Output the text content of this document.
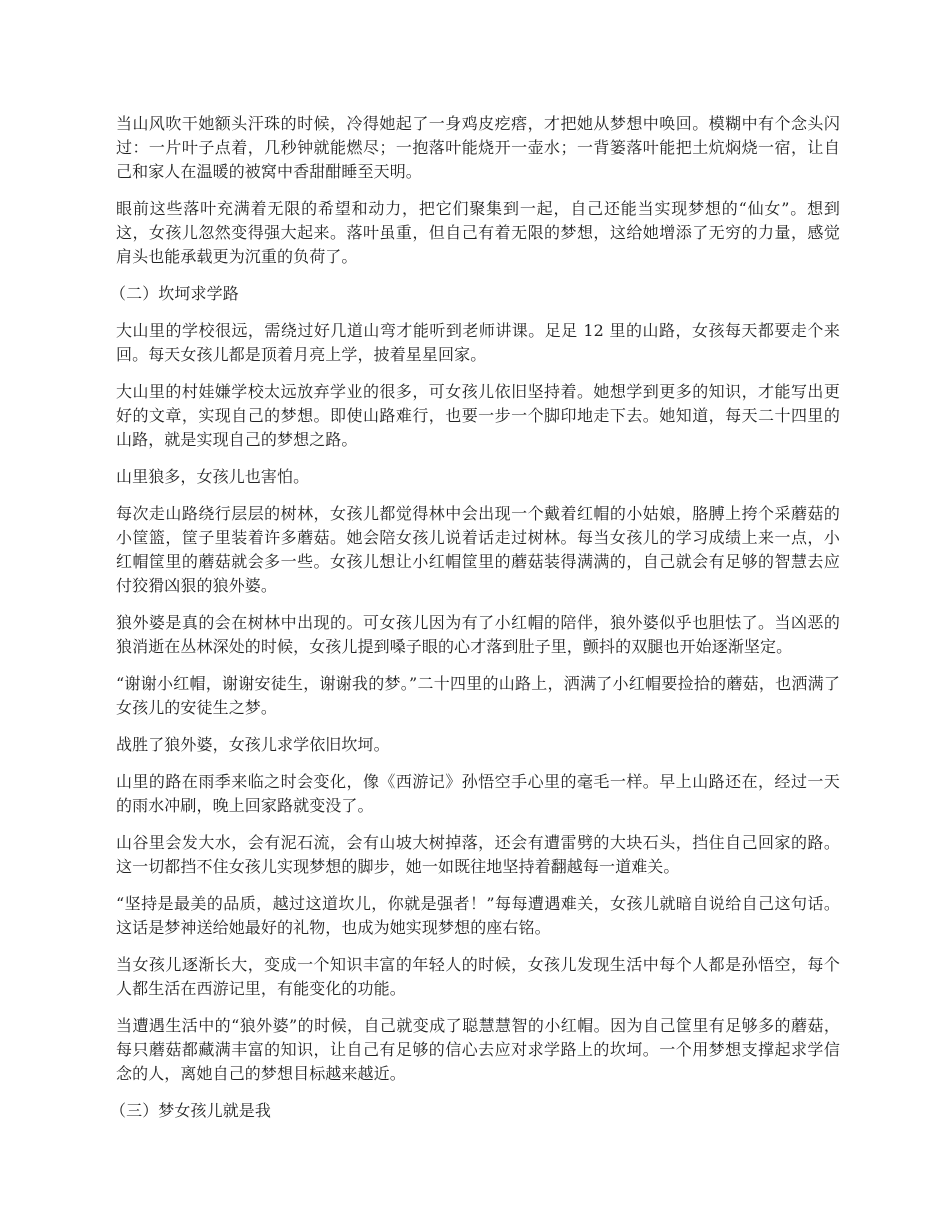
当山风吹干她额头汗珠的时候，冷得她起了一身鸡皮疙瘩，才把她从梦想中唤回。模糊中有个念头闪过：一片叶子点着，几秒钟就能燃尽；一抱落叶能烧开一壶水；一背篓落叶能把土炕焖烧一宿，让自己和家人在温暖的被窝中香甜酣睡至天明。

眼前这些落叶充满着无限的希望和动力，把它们聚集到一起，自己还能当实现梦想的“仙女”。想到这，女孩儿忽然变得强大起来。落叶虽重，但自己有着无限的梦想，这给她增添了无穷的力量，感觉肩头也能承载更为沉重的负荷了。

（二）坎坷求学路

大山里的学校很远，需绕过好几道山弯才能听到老师讲课。足足 12 里的山路，女孩每天都要走个来回。每天女孩儿都是顶着月亮上学，披着星星回家。

大山里的村娃嫌学校太远放弃学业的很多，可女孩儿依旧坚持着。她想学到更多的知识，才能写出更好的文章，实现自己的梦想。即使山路难行，也要一步一个脚印地走下去。她知道，每天二十四里的山路，就是实现自己的梦想之路。

山里狼多，女孩儿也害怕。

每次走山路绕行层层的树林，女孩儿都觉得林中会出现一个戴着红帽的小姑娘，胳膊上挎个采蘑菇的小筐篮，筐子里装着许多蘑菇。她会陪女孩儿说着话走过树林。每当女孩儿的学习成绩上来一点，小红帽筐里的蘑菇就会多一些。女孩儿想让小红帽筐里的蘑菇装得满满的，自己就会有足够的智慧去应付狡猾凶狠的狼外婆。

狼外婆是真的会在树林中出现的。可女孩儿因为有了小红帽的陪伴，狼外婆似乎也胆怯了。当凶恶的狼消逝在丛林深处的时候，女孩儿提到嗓子眼的心才落到肚子里，颤抖的双腿也开始逐渐坚定。

“谢谢小红帽，谢谢安徒生，谢谢我的梦。”二十四里的山路上，洒满了小红帽要捡拾的蘑菇，也洒满了女孩儿的安徒生之梦。

战胜了狼外婆，女孩儿求学依旧坎坷。

山里的路在雨季来临之时会变化，像《西游记》孙悟空手心里的毫毛一样。早上山路还在，经过一天的雨水冲刷，晚上回家路就变没了。

山谷里会发大水，会有泥石流，会有山坡大树掉落，还会有遭雷劈的大块石头，挡住自己回家的路。这一切都挡不住女孩儿实现梦想的脚步，她一如既往地坚持着翻越每一道难关。

“坚持是最美的品质，越过这道坎儿，你就是强者！”每每遭遇难关，女孩儿就暗自说给自己这句话。这话是梦神送给她最好的礼物，也成为她实现梦想的座右铭。

当女孩儿逐渐长大，变成一个知识丰富的年轻人的时候，女孩儿发现生活中每个人都是孙悟空，每个人都生活在西游记里，有能变化的功能。

当遭遇生活中的“狼外婆”的时候，自己就变成了聪慧慧智的小红帽。因为自己筐里有足够多的蘑菇，每只蘑菇都藏满丰富的知识，让自己有足够的信心去应对求学路上的坎坷。一个用梦想支撑起求学信念的人，离她自己的梦想目标越来越近。

（三）梦女孩儿就是我
